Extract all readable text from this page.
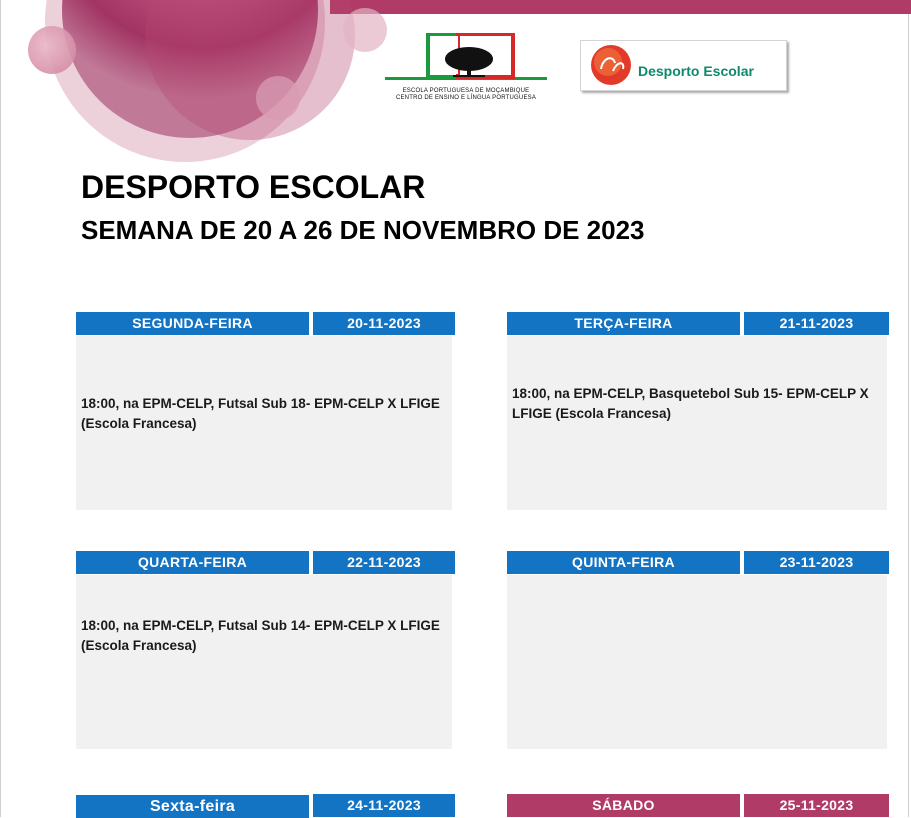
ESCOLA PORTUGUESA DE MOÇAMBIQUE
CENTRO DE ENSINO E LÍNGUA PORTUGUESA
Desporto Escolar
DESPORTO ESCOLAR
SEMANA DE 20 A 26 DE NOVEMBRO DE 2023
SEGUNDA-FEIRA	20-11-2023
18:00, na EPM-CELP, Futsal Sub 18- EPM-CELP X LFIGE (Escola Francesa)
TERÇA-FEIRA	21-11-2023
18:00, na EPM-CELP, Basquetebol Sub 15- EPM-CELP X LFIGE (Escola Francesa)
QUARTA-FEIRA	22-11-2023
18:00, na EPM-CELP, Futsal Sub 14- EPM-CELP X LFIGE (Escola Francesa)
QUINTA-FEIRA	23-11-2023
Sexta-feira	24-11-2023	SÁBADO	25-11-2023
